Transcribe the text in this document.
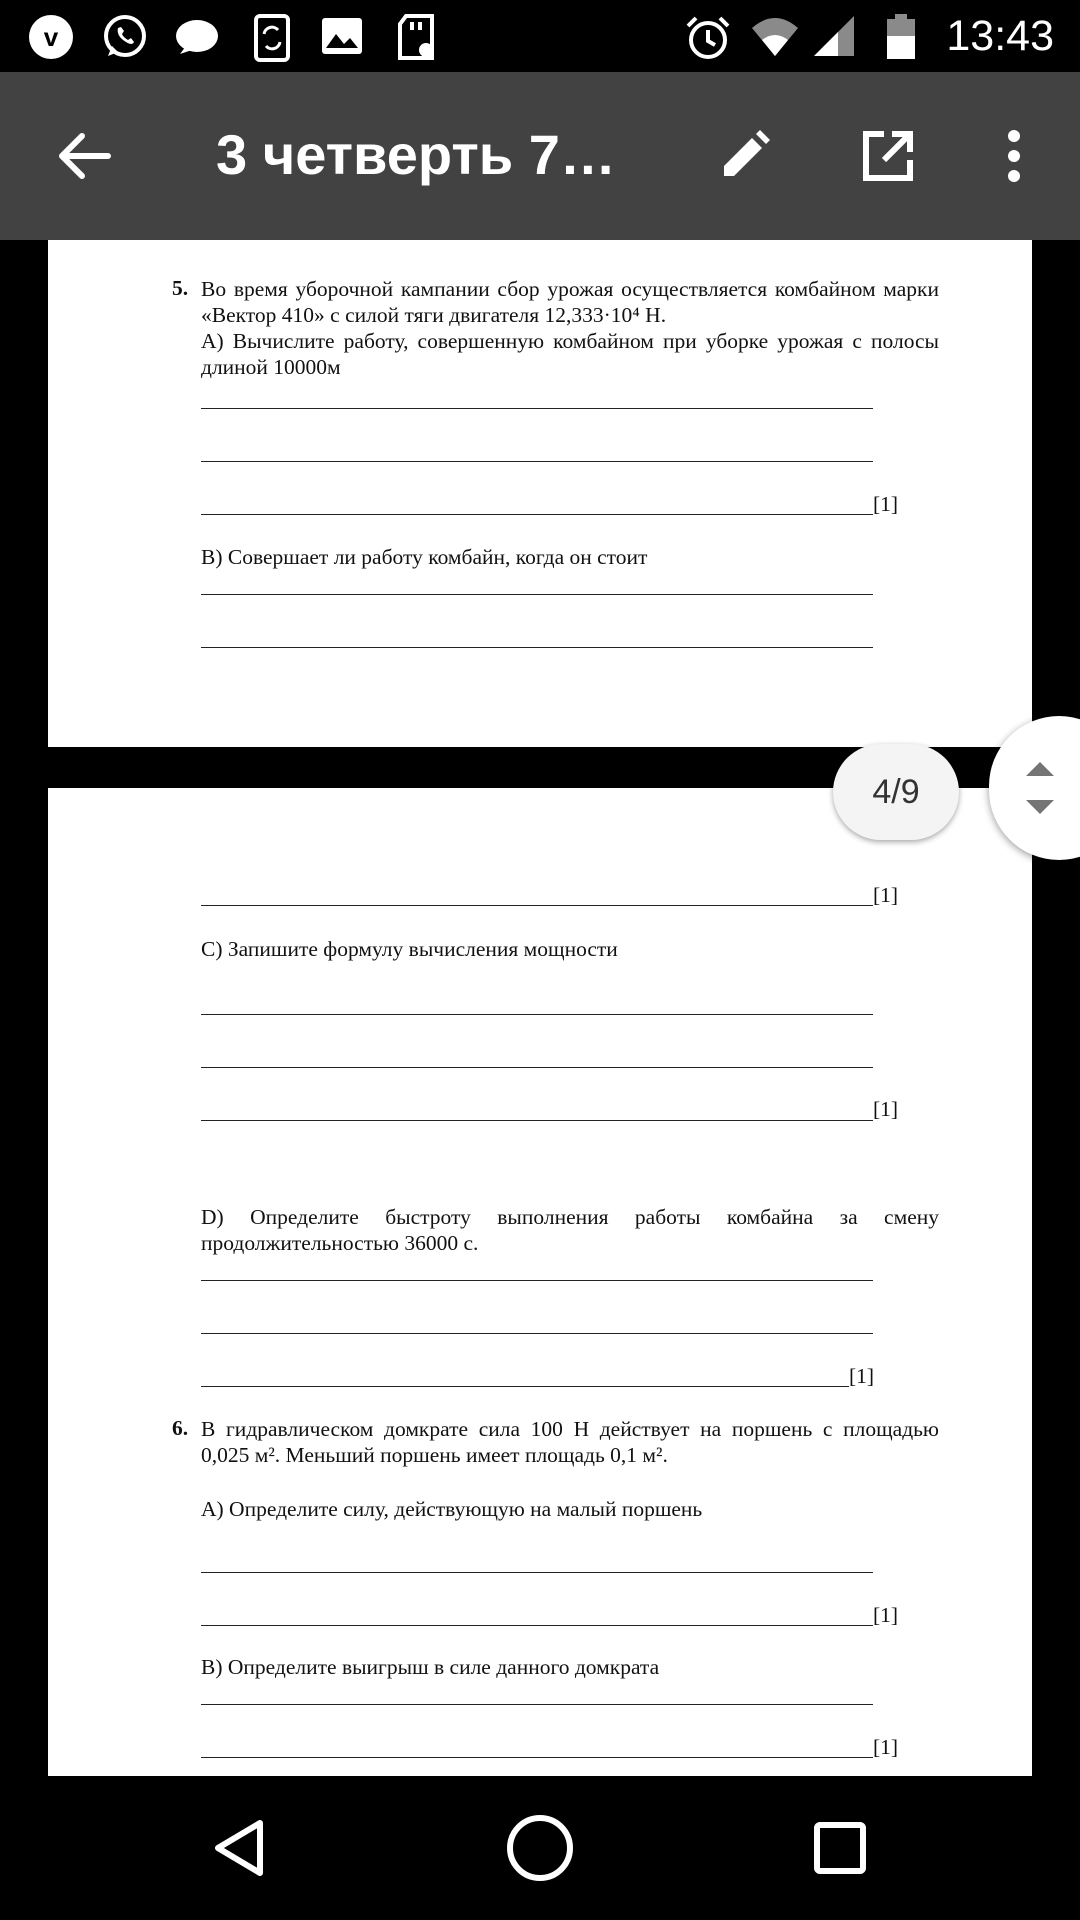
v	13:43
3 четверть 7…
5. Во время уборочной кампании сбор урожая осуществляется комбайном марки «Вектор 410» с силой тяги двигателя 12,333·10⁴ Н.
А) Вычислите работу, совершенную комбайном при уборке урожая с полосы длиной 10000м
[1]
В) Совершает ли работу комбайн, когда он стоит
[1]
С) Запишите формулу вычисления мощности
[1]
D) Определите быстроту выполнения работы комбайна за смену продолжительностью 36000 с.
[1]
6. В гидравлическом домкрате сила 100 Н действует на поршень с площадью 0,025 м². Меньший поршень имеет площадь 0,1 м².
А) Определите силу, действующую на малый поршень
[1]
В) Определите выигрыш в силе данного домкрата
[1]
4/9
